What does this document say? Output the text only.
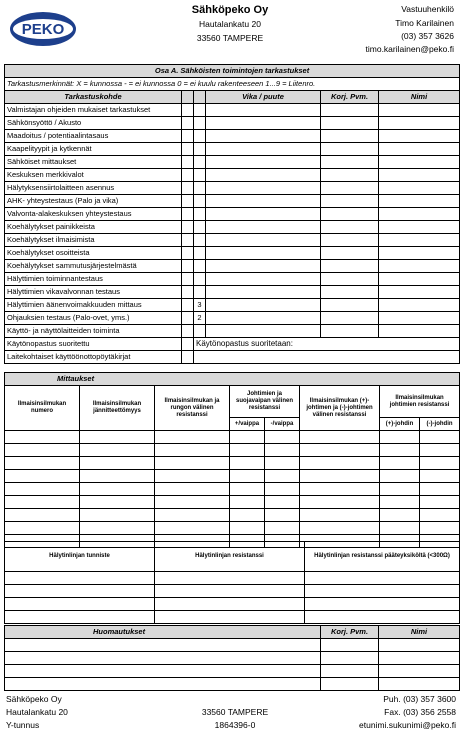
PEKO
Sähköpeko Oy
Hautalankatu 20
33560 TAMPERE
Vastuuhenkilö
Timo Karilainen
(03) 357 3626
timo.karilainen@peko.fi
Osa A. Sähköisten toimintojen tarkastukset					
Tarkastusmerkinnät: X = kunnossa - = ei kunnossa 0 = ei kuulu rakenteeseen 1...9 = Liitenro.					
Tarkastuskohde			Vika / puute	Korj. Pvm.	Nimi
Valmistajan ohjeiden mukaiset tarkastukset					
Sähkönsyöttö / Akusto					
Maadoitus / potentiaalintasaus					
Kaapelityypit ja kytkennät					
Sähköiset mittaukset					
Keskuksen merkkivalot					
Hälytyksensiirtolaitteen asennus					
AHK- yhteystestaus (Palo ja vika)					
Valvonta-alakeskuksen yhteystestaus					
Koehälytykset painikkeista					
Koehälytykset ilmaisimista					
Koehälytykset osoitteista					
Koehälytykset sammutusjärjestelmästä					
Hälyttimien toiminnantestaus					
Hälyttimien vikavalvonnan testaus					
Hälyttimien äänenvoimakkuuden mittaus		3			
Ohjauksien testaus (Palo-ovet, yms.)		2			
Käyttö- ja näyttölaitteiden toiminta					
Käytönopastus suoritettu		Käytönopastus suoritetaan:			
Laitekohtaiset käyttöönottopöytäkirjat					
Mittaukset							
Ilmaisinsilmukan numero	Ilmaisinsilmukan jännitteettömyys	Ilmaisinsilmukan ja rungon välinen resistanssi	Johtimien ja suojavaipan välinen resistanssi		Ilmaisinsilmukan (+)-johtimen ja (-)-johtimen välinen resistanssi	Ilmaisinsilmukan johtimien resistanssi	
			+/vaippa	-/vaippa		(+)-johdin	(-)-johdin

Hälytinlinjan tunniste	Hälytinlinjan resistanssi	Hälytinlinjan resistanssi pääteyksiköltä (<300Ω)

Huomautukset	Korj. Pvm.	Nimi

Sähköpeko Oy
Hautalankatu 20
Y-tunnus
33560 TAMPERE
1864396-0
Puh. (03) 357 3600
Fax. (03) 356 2558
etunimi.sukunimi@peko.fi
